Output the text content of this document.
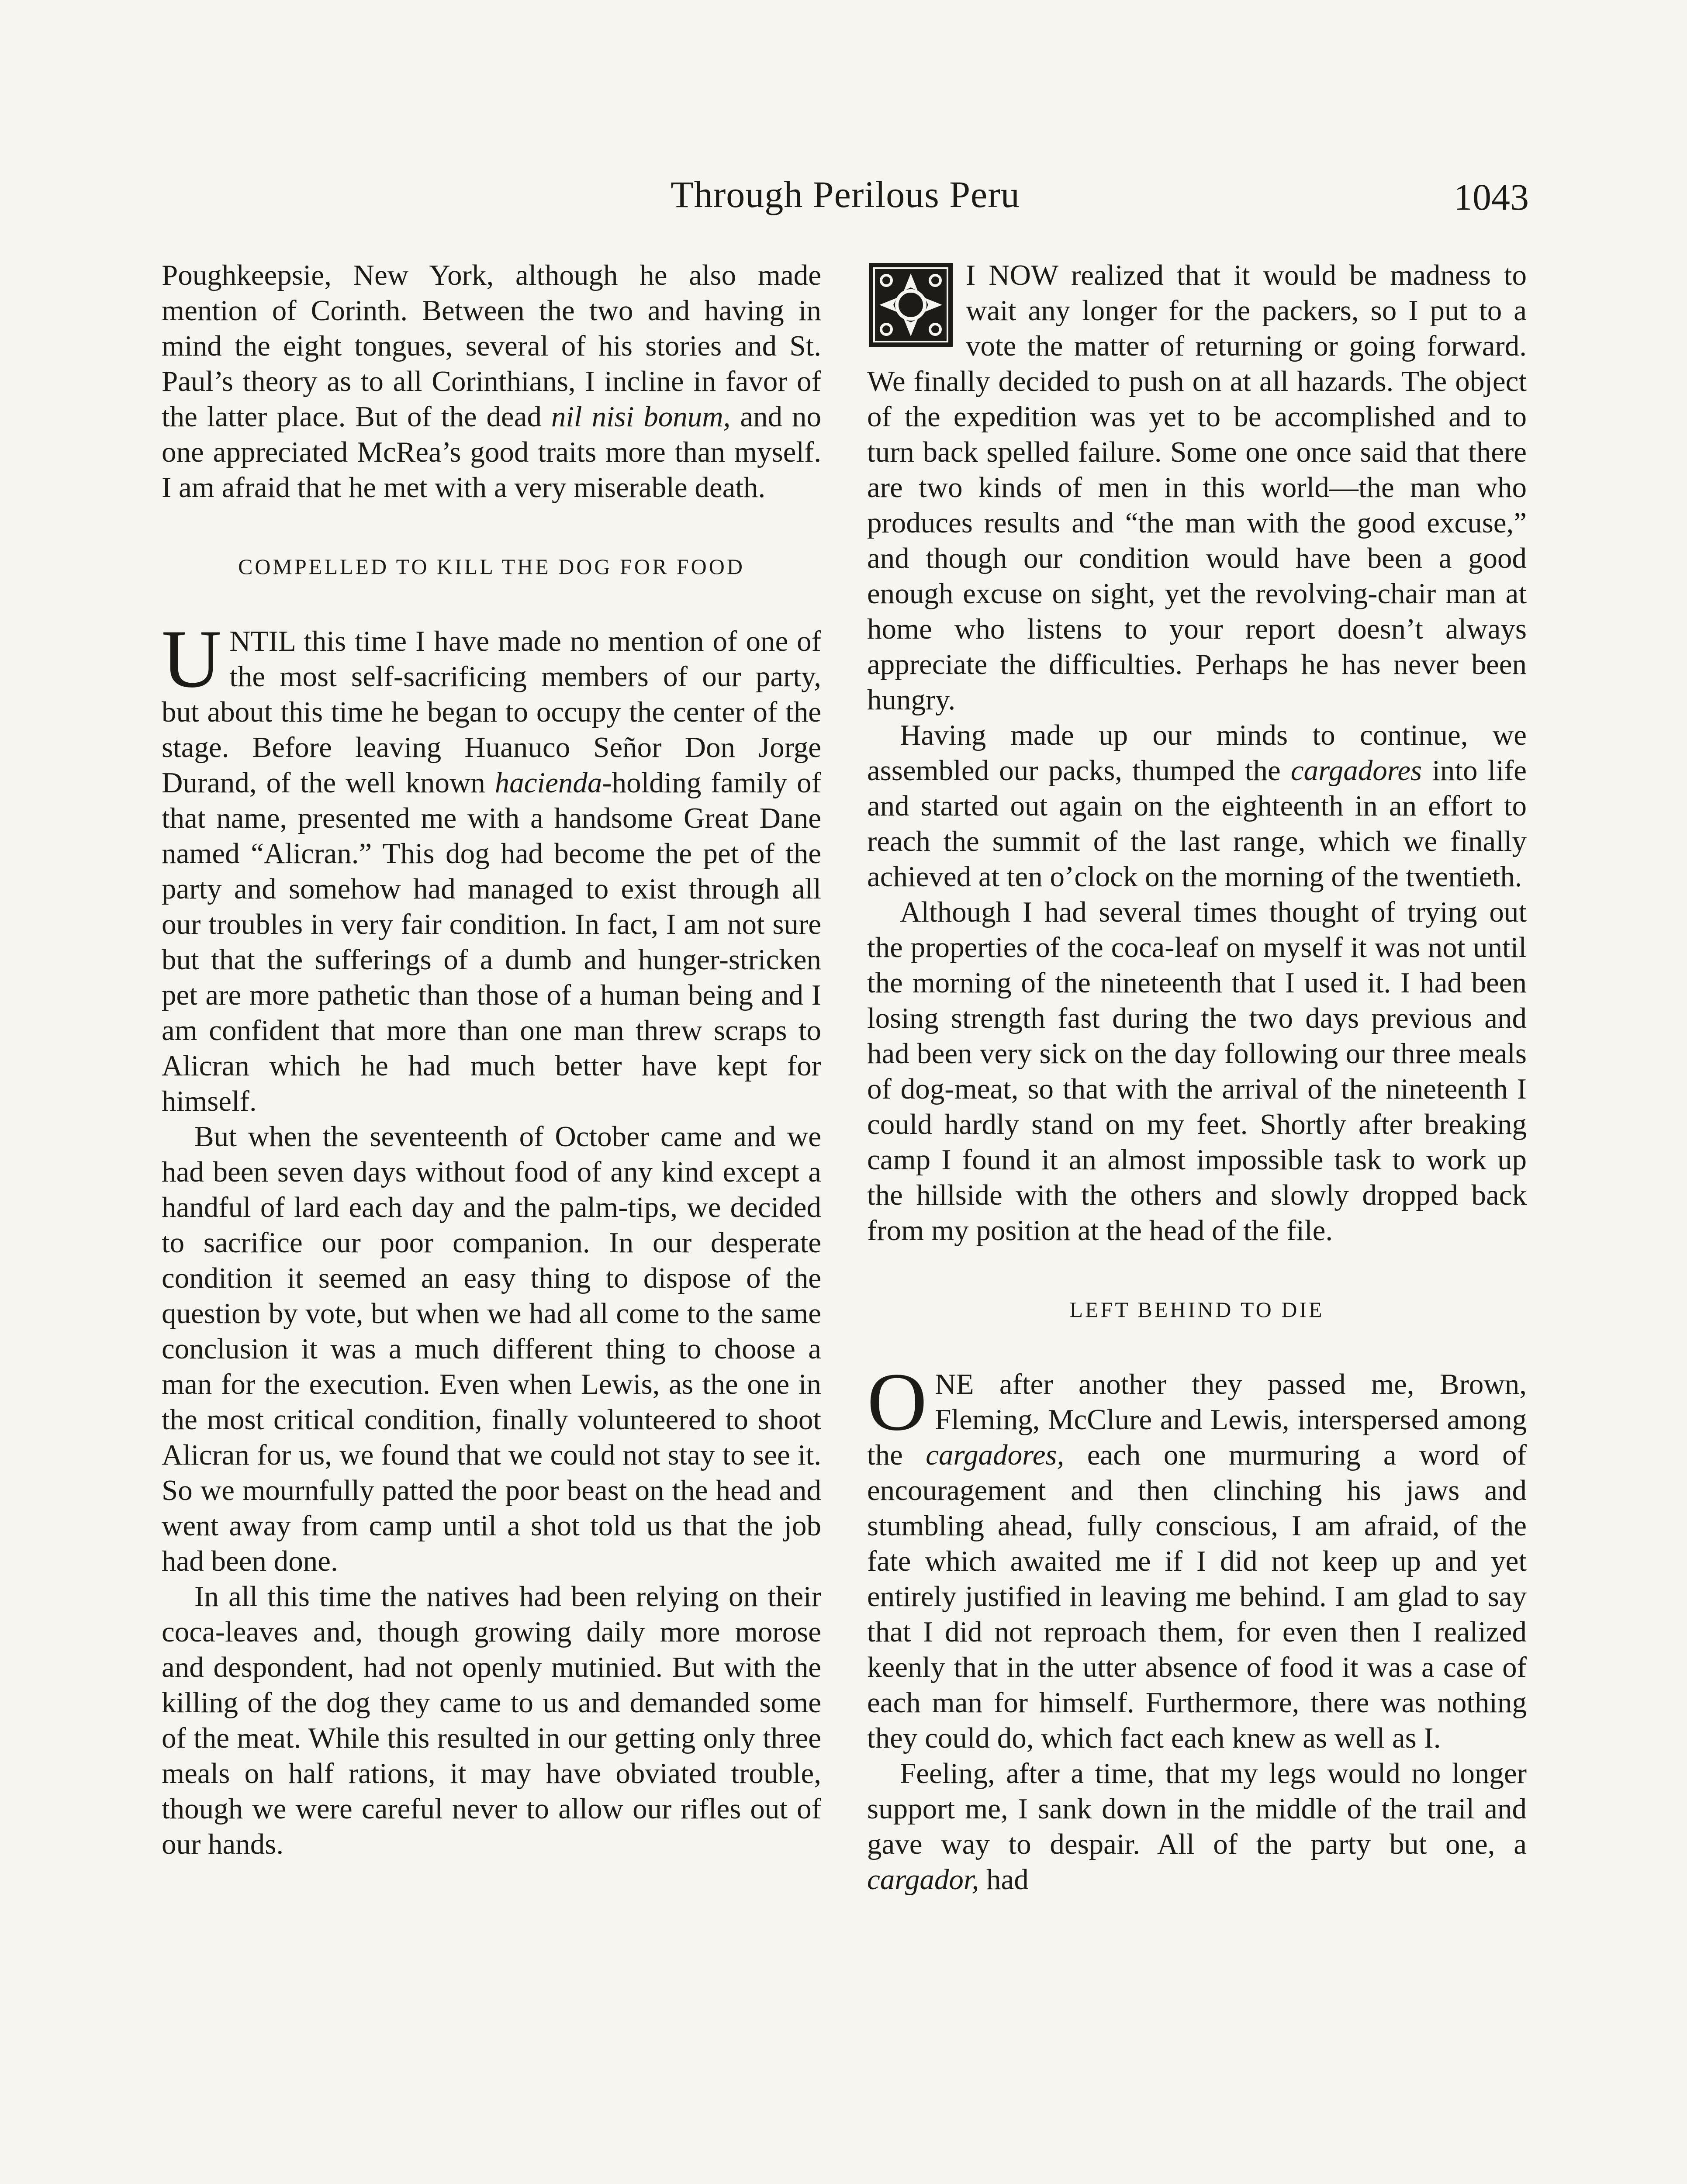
Through Perilous Peru	1043

Poughkeepsie, New York, although he also made mention of Corinth. Between the two and having in mind the eight tongues, several of his stories and St. Paul’s theory as to all Corinthians, I incline in favor of the latter place. But of the dead nil nisi bonum, and no one appreciated McRea’s good traits more than myself. I am afraid that he met with a very miserable death.

COMPELLED TO KILL THE DOG FOR FOOD

UNTIL this time I have made no mention of one of the most self-sacrificing members of our party, but about this time he began to occupy the center of the stage. Before leaving Huanuco Señor Don Jorge Durand, of the well known hacienda-holding family of that name, presented me with a handsome Great Dane named “Alicran.” This dog had become the pet of the party and somehow had managed to exist through all our troubles in very fair condition. In fact, I am not sure but that the sufferings of a dumb and hunger-stricken pet are more pathetic than those of a human being and I am confident that more than one man threw scraps to Alicran which he had much better have kept for himself.

But when the seventeenth of October came and we had been seven days without food of any kind except a handful of lard each day and the palm-tips, we decided to sacrifice our poor companion. In our desperate condition it seemed an easy thing to dispose of the question by vote, but when we had all come to the same conclusion it was a much different thing to choose a man for the execution. Even when Lewis, as the one in the most critical condition, finally volunteered to shoot Alicran for us, we found that we could not stay to see it. So we mournfully patted the poor beast on the head and went away from camp until a shot told us that the job had been done.

In all this time the natives had been relying on their coca-leaves and, though growing daily more morose and despondent, had not openly mutinied. But with the killing of the dog they came to us and demanded some of the meat. While this resulted in our getting only three meals on half rations, it may have obviated trouble, though we were careful never to allow our rifles out of our hands.

I NOW realized that it would be madness to wait any longer for the packers, so I put to a vote the matter of returning or going forward. We finally decided to push on at all hazards. The object of the expedition was yet to be accomplished and to turn back spelled failure. Some one once said that there are two kinds of men in this world—the man who produces results and “the man with the good excuse,” and though our condition would have been a good enough excuse on sight, yet the revolving-chair man at home who listens to your report doesn’t always appreciate the difficulties. Perhaps he has never been hungry.

Having made up our minds to continue, we assembled our packs, thumped the cargadores into life and started out again on the eighteenth in an effort to reach the summit of the last range, which we finally achieved at ten o’clock on the morning of the twentieth.

Although I had several times thought of trying out the properties of the coca-leaf on myself it was not until the morning of the nineteenth that I used it. I had been losing strength fast during the two days previous and had been very sick on the day following our three meals of dog-meat, so that with the arrival of the nineteenth I could hardly stand on my feet. Shortly after breaking camp I found it an almost impossible task to work up the hillside with the others and slowly dropped back from my position at the head of the file.

LEFT BEHIND TO DIE

ONE after another they passed me, Brown, Fleming, McClure and Lewis, interspersed among the cargadores, each one murmuring a word of encouragement and then clinching his jaws and stumbling ahead, fully conscious, I am afraid, of the fate which awaited me if I did not keep up and yet entirely justified in leaving me behind. I am glad to say that I did not reproach them, for even then I realized keenly that in the utter absence of food it was a case of each man for himself. Furthermore, there was nothing they could do, which fact each knew as well as I.

Feeling, after a time, that my legs would no longer support me, I sank down in the middle of the trail and gave way to despair. All of the party but one, a cargador, had
